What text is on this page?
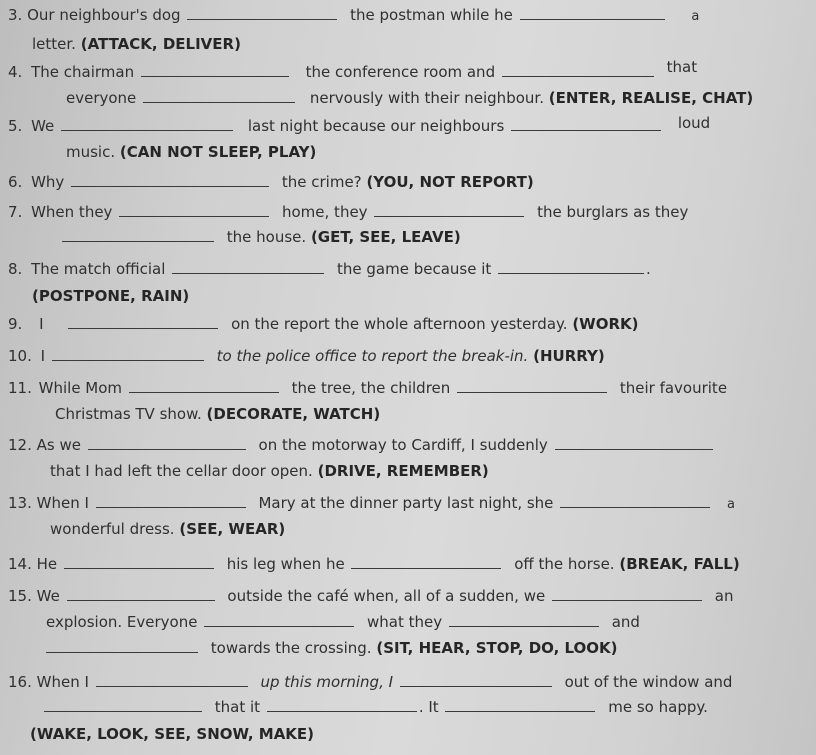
3. Our neighbour's dog	the postman while he	a
letter. (ATTACK, DELIVER)
4. The chairman	the conference room and	that
everyone	nervously with their neighbour. (ENTER, REALISE, CHAT)
5. We	last night because our neighbours	loud
music. (CAN NOT SLEEP, PLAY)
6. Why	the crime? (YOU, NOT REPORT)
7. When they	home, they	the burglars as they
the house. (GET, SEE, LEAVE)
8. The match official	the game because it	.
(POSTPONE, RAIN)
9. I	on the report the whole afternoon yesterday. (WORK)
10. I	to the police office to report the break-in. (HURRY)
11. While Mom	the tree, the children	their favourite
Christmas TV show. (DECORATE, WATCH)
12. As we	on the motorway to Cardiff, I suddenly
that I had left the cellar door open. (DRIVE, REMEMBER)
13. When I	Mary at the dinner party last night, she	a
wonderful dress. (SEE, WEAR)
14. He	his leg when he	off the horse. (BREAK, FALL)
15. We	outside the café when, all of a sudden, we	an
explosion. Everyone	what they	and
towards the crossing. (SIT, HEAR, STOP, DO, LOOK)
16. When I	up this morning, I	out of the window and
that it	. It	me so happy.
(WAKE, LOOK, SEE, SNOW, MAKE)
